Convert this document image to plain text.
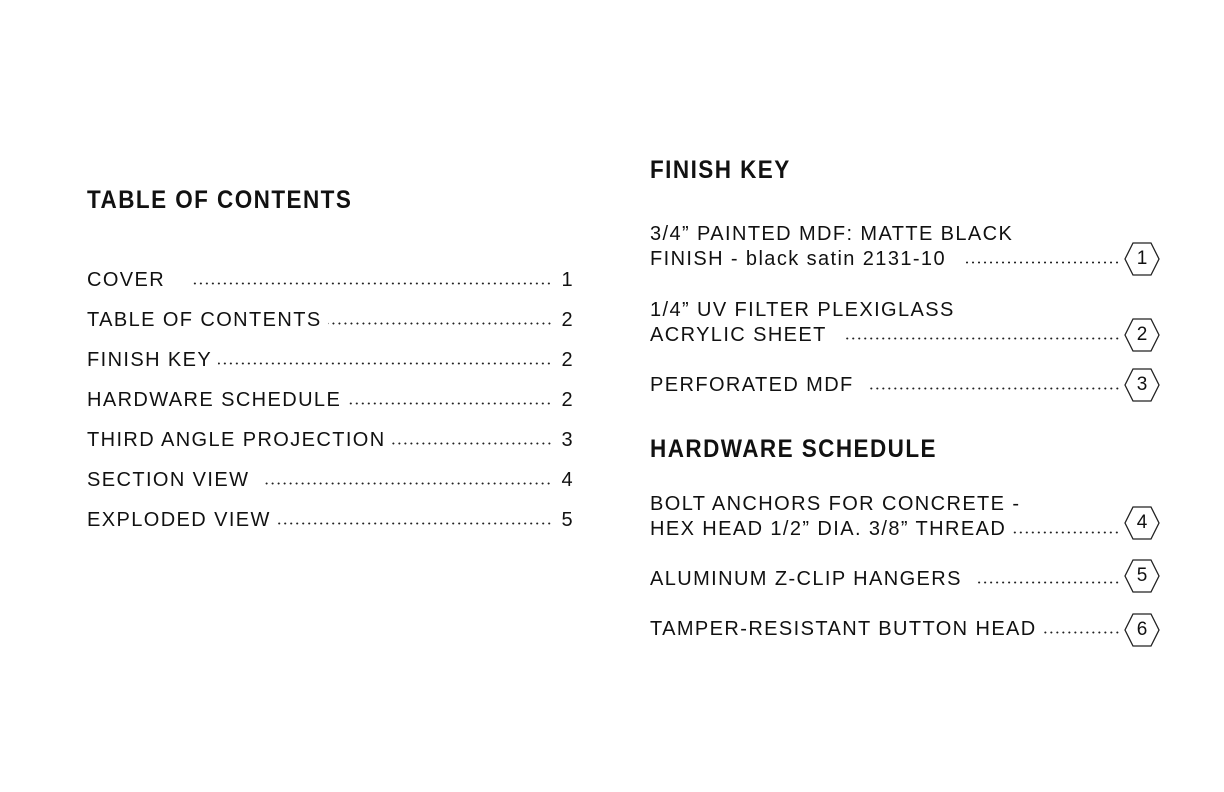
TABLE OF CONTENTS
COVER	1
TABLE OF CONTENTS	2
FINISH KEY	2
HARDWARE SCHEDULE	2
THIRD ANGLE PROJECTION	3
SECTION VIEW	4
EXPLODED VIEW	5
FINISH KEY
3/4” PAINTED MDF: MATTE BLACK
FINISH - black satin 2131-10	1
1/4” UV FILTER PLEXIGLASS
ACRYLIC SHEET	2
PERFORATED MDF	3
HARDWARE SCHEDULE
BOLT ANCHORS FOR CONCRETE -
HEX HEAD 1/2” DIA. 3/8” THREAD	4
ALUMINUM Z-CLIP HANGERS	5
TAMPER-RESISTANT BUTTON HEAD	6
